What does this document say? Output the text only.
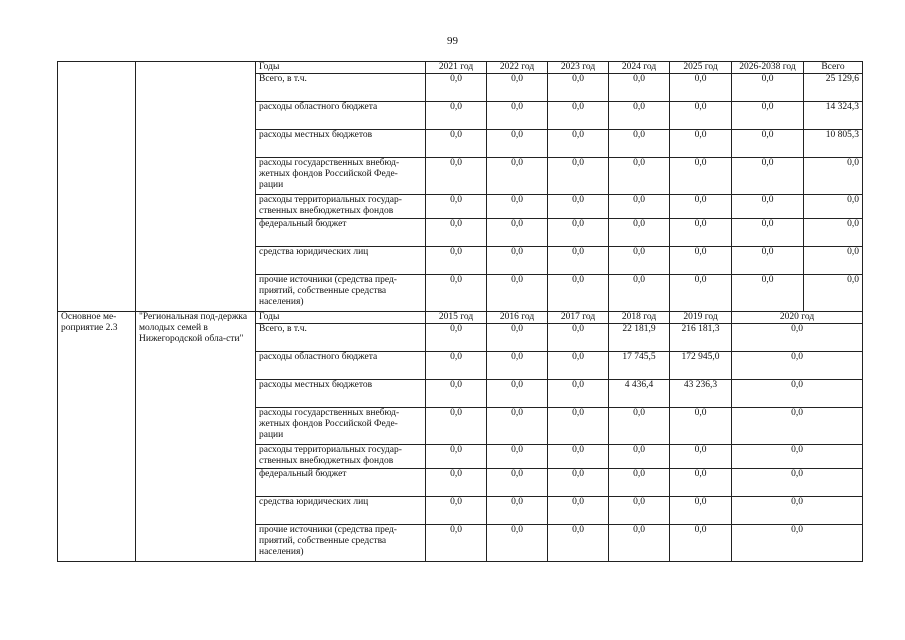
99
		Годы	2021 год	2022 год	2023 год	2024 год	2025 год	2026-2038 год	Всего
		Всего, в т.ч.	0,0	0,0	0,0	0,0	0,0	0,0	25 129,6
		расходы областного бюджета	0,0	0,0	0,0	0,0	0,0	0,0	14 324,3
		расходы местных бюджетов	0,0	0,0	0,0	0,0	0,0	0,0	10 805,3
		расходы государственных внебюд-жетных фондов Российской Феде-рации	0,0	0,0	0,0	0,0	0,0	0,0	0,0
		расходы территориальных государ-ственных внебюджетных фондов	0,0	0,0	0,0	0,0	0,0	0,0	0,0
		федеральный бюджет	0,0	0,0	0,0	0,0	0,0	0,0	0,0
		средства юридических лиц	0,0	0,0	0,0	0,0	0,0	0,0	0,0
		прочие источники (средства пред-приятий, собственные средства населения)	0,0	0,0	0,0	0,0	0,0	0,0	0,0
Основное ме-роприятие 2.3	"Региональная под-держка молодых семей в Нижегородской обла-сти"	Годы	2015 год	2016 год	2017 год	2018 год	2019 год	2020 год	
		Всего, в т.ч.	0,0	0,0	0,0	22 181,9	216 181,3	0,0	
		расходы областного бюджета	0,0	0,0	0,0	17 745,5	172 945,0	0,0	
		расходы местных бюджетов	0,0	0,0	0,0	4 436,4	43 236,3	0,0	
		расходы государственных внебюд-жетных фондов Российской Феде-рации	0,0	0,0	0,0	0,0	0,0	0,0	
		расходы территориальных государ-ственных внебюджетных фондов	0,0	0,0	0,0	0,0	0,0	0,0	
		федеральный бюджет	0,0	0,0	0,0	0,0	0,0	0,0	
		средства юридических лиц	0,0	0,0	0,0	0,0	0,0	0,0	
		прочие источники (средства пред-приятий, собственные средства населения)	0,0	0,0	0,0	0,0	0,0	0,0	
